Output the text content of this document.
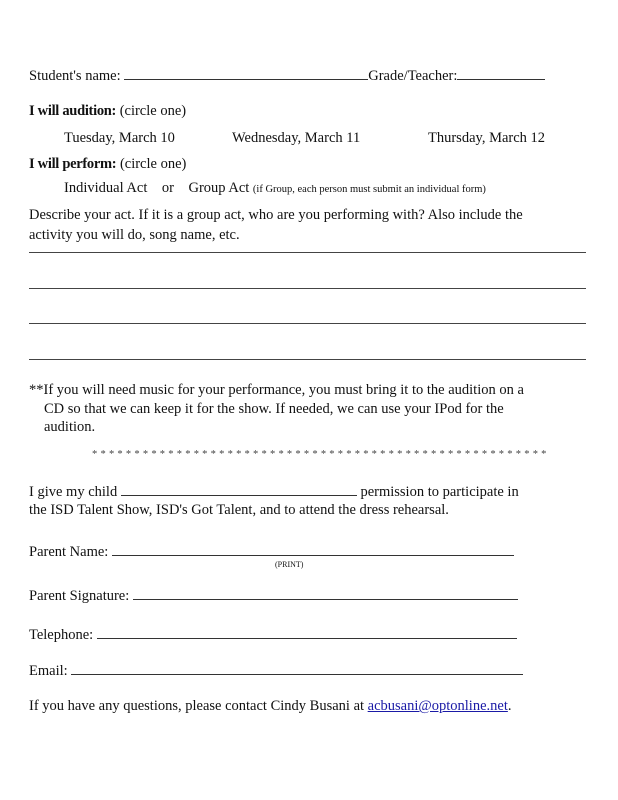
Student's name:	Grade/Teacher:
I will audition: (circle one)
Tuesday, March 10	Wednesday, March 11	Thursday, March 12
I will perform: (circle one)
Individual Act or Group Act (if Group, each person must submit an individual form)
Describe your act. If it is a group act, who are you performing with? Also include the
activity you will do, song name, etc.
**If you will need music for your performance, you must bring it to the audition on a
CD so that we can keep it for the show. If needed, we can use your IPod for the
audition.
* * * * * * * * * * * * * * * * * * * * * * * * * * * * * * * * * * * * * * * * * * * * * * * * * * * * * *
I give my child	permission to participate in
the ISD Talent Show, ISD's Got Talent, and to attend the dress rehearsal.
Parent Name:
(PRINT)
Parent Signature:
Telephone:
Email:
If you have any questions, please contact Cindy Busani at acbusani@optonline.net.
